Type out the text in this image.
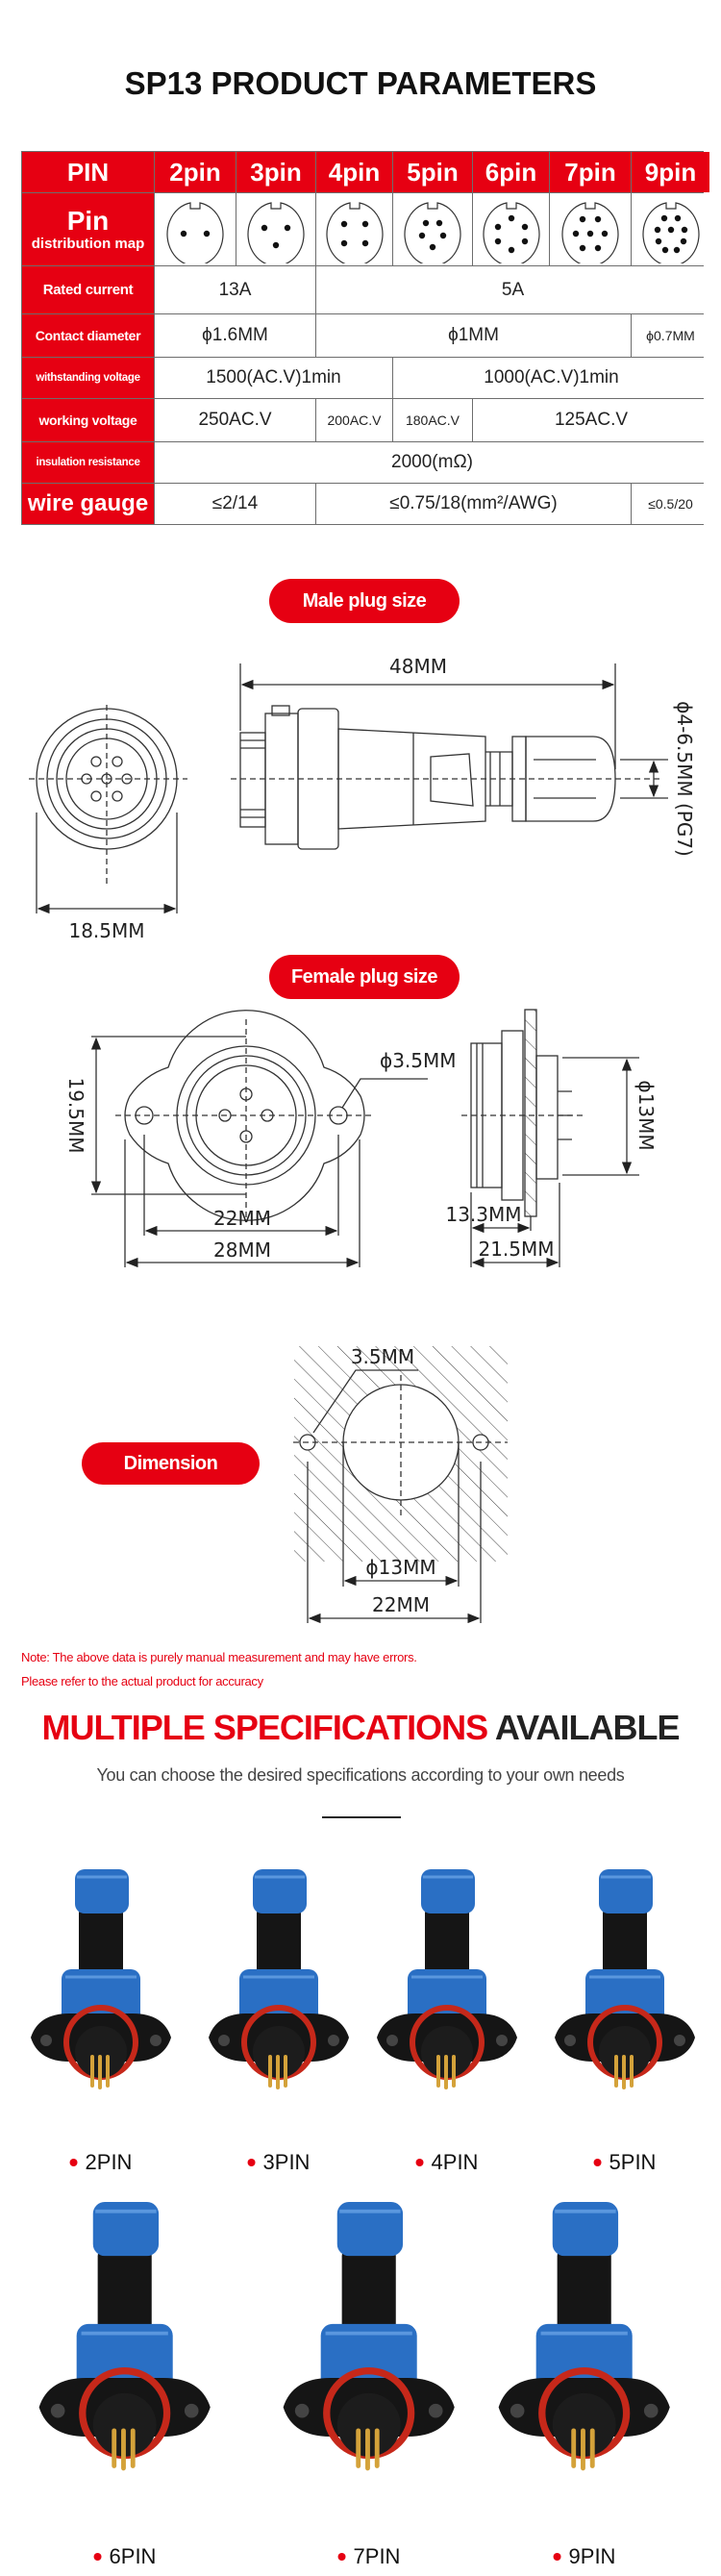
SP13 PRODUCT PARAMETERS
PIN	2pin	3pin	4pin	5pin	6pin	7pin	9pin
Pin
distribution map
Rated current	13A	5A
Contact diameter	ϕ1.6MM	ϕ1MM	ϕ0.7MM
withstanding voltage	1500(AC.V)1min	1000(AC.V)1min
working voltage	250AC.V	200AC.V	180AC.V	125AC.V
insulation resistance	2000(mΩ)
wire gauge	≤2/14	≤0.75/18(mm²/AWG)	≤0.5/20
Male plug size
Female plug size
Dimension
48MM
18.5MM
ϕ4-6.5MM (PG7)
19.5MM
ϕ3.5MM
22MM
28MM
ϕ13MM
13.3MM
21.5MM
3.5MM
ϕ13MM
22MM
Note: The above data is purely manual measurement and may have errors.
Please refer to the actual product for accuracy
MULTIPLE SPECIFICATIONS AVAILABLE
You can choose the desired specifications according to your own needs
2PIN	3PIN	4PIN	5PIN
6PIN	7PIN	9PIN
